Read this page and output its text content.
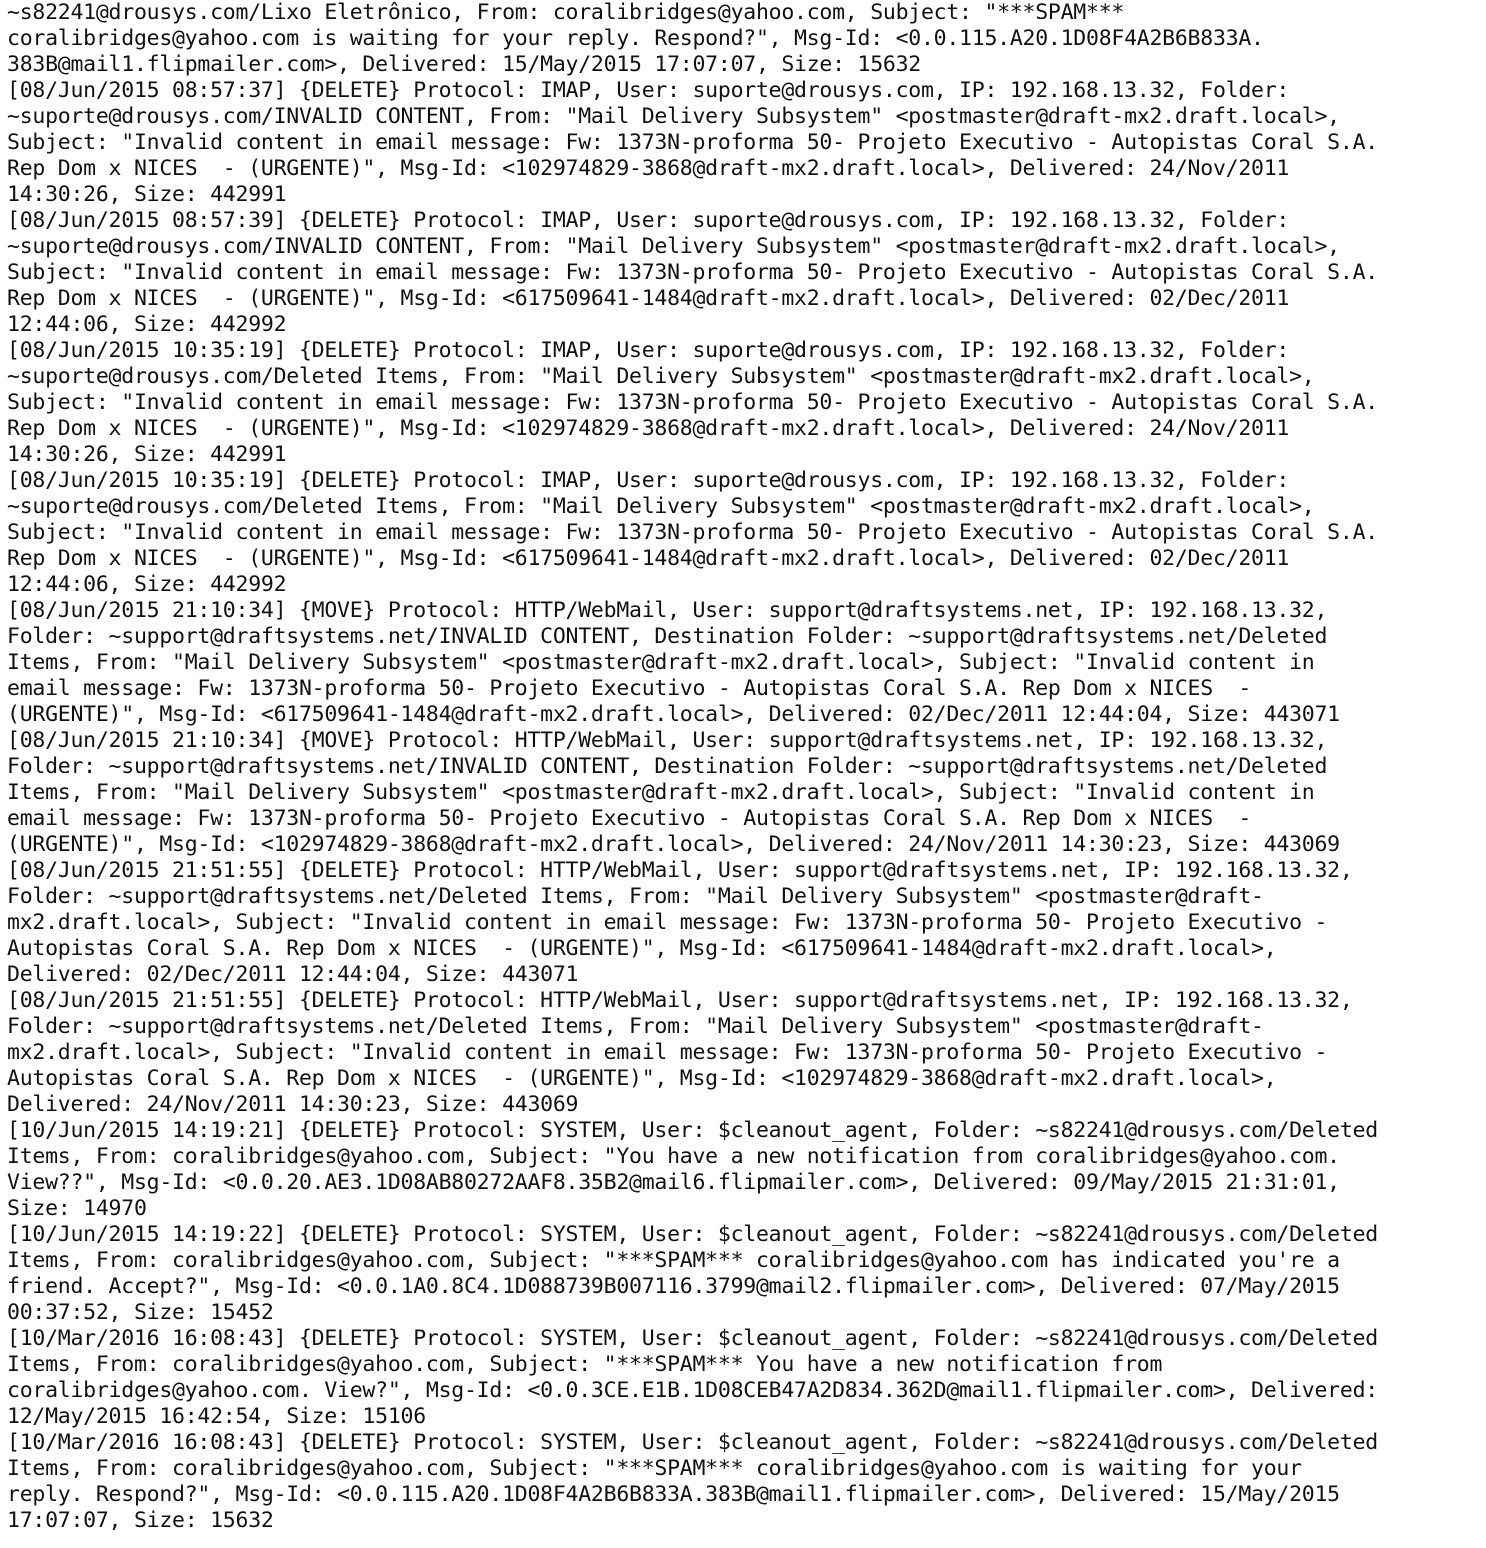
~s82241@drousys.com/Lixo Eletrônico, From: coralibridges@yahoo.com, Subject: "***SPAM***
coralibridges@yahoo.com is waiting for your reply. Respond?", Msg-Id: <0.0.115.A20.1D08F4A2B6B833A.
383B@mail1.flipmailer.com>, Delivered: 15/May/2015 17:07:07, Size: 15632
[08/Jun/2015 08:57:37] {DELETE} Protocol: IMAP, User: suporte@drousys.com, IP: 192.168.13.32, Folder:
~suporte@drousys.com/INVALID CONTENT, From: "Mail Delivery Subsystem" <postmaster@draft-mx2.draft.local>,
Subject: "Invalid content in email message: Fw: 1373N-proforma 50- Projeto Executivo - Autopistas Coral S.A.
Rep Dom x NICES  - (URGENTE)", Msg-Id: <102974829-3868@draft-mx2.draft.local>, Delivered: 24/Nov/2011
14:30:26, Size: 442991
[08/Jun/2015 08:57:39] {DELETE} Protocol: IMAP, User: suporte@drousys.com, IP: 192.168.13.32, Folder:
~suporte@drousys.com/INVALID CONTENT, From: "Mail Delivery Subsystem" <postmaster@draft-mx2.draft.local>,
Subject: "Invalid content in email message: Fw: 1373N-proforma 50- Projeto Executivo - Autopistas Coral S.A.
Rep Dom x NICES  - (URGENTE)", Msg-Id: <617509641-1484@draft-mx2.draft.local>, Delivered: 02/Dec/2011
12:44:06, Size: 442992
[08/Jun/2015 10:35:19] {DELETE} Protocol: IMAP, User: suporte@drousys.com, IP: 192.168.13.32, Folder:
~suporte@drousys.com/Deleted Items, From: "Mail Delivery Subsystem" <postmaster@draft-mx2.draft.local>,
Subject: "Invalid content in email message: Fw: 1373N-proforma 50- Projeto Executivo - Autopistas Coral S.A.
Rep Dom x NICES  - (URGENTE)", Msg-Id: <102974829-3868@draft-mx2.draft.local>, Delivered: 24/Nov/2011
14:30:26, Size: 442991
[08/Jun/2015 10:35:19] {DELETE} Protocol: IMAP, User: suporte@drousys.com, IP: 192.168.13.32, Folder:
~suporte@drousys.com/Deleted Items, From: "Mail Delivery Subsystem" <postmaster@draft-mx2.draft.local>,
Subject: "Invalid content in email message: Fw: 1373N-proforma 50- Projeto Executivo - Autopistas Coral S.A.
Rep Dom x NICES  - (URGENTE)", Msg-Id: <617509641-1484@draft-mx2.draft.local>, Delivered: 02/Dec/2011
12:44:06, Size: 442992
[08/Jun/2015 21:10:34] {MOVE} Protocol: HTTP/WebMail, User: support@draftsystems.net, IP: 192.168.13.32,
Folder: ~support@draftsystems.net/INVALID CONTENT, Destination Folder: ~support@draftsystems.net/Deleted
Items, From: "Mail Delivery Subsystem" <postmaster@draft-mx2.draft.local>, Subject: "Invalid content in
email message: Fw: 1373N-proforma 50- Projeto Executivo - Autopistas Coral S.A. Rep Dom x NICES  -
(URGENTE)", Msg-Id: <617509641-1484@draft-mx2.draft.local>, Delivered: 02/Dec/2011 12:44:04, Size: 443071
[08/Jun/2015 21:10:34] {MOVE} Protocol: HTTP/WebMail, User: support@draftsystems.net, IP: 192.168.13.32,
Folder: ~support@draftsystems.net/INVALID CONTENT, Destination Folder: ~support@draftsystems.net/Deleted
Items, From: "Mail Delivery Subsystem" <postmaster@draft-mx2.draft.local>, Subject: "Invalid content in
email message: Fw: 1373N-proforma 50- Projeto Executivo - Autopistas Coral S.A. Rep Dom x NICES  -
(URGENTE)", Msg-Id: <102974829-3868@draft-mx2.draft.local>, Delivered: 24/Nov/2011 14:30:23, Size: 443069
[08/Jun/2015 21:51:55] {DELETE} Protocol: HTTP/WebMail, User: support@draftsystems.net, IP: 192.168.13.32,
Folder: ~support@draftsystems.net/Deleted Items, From: "Mail Delivery Subsystem" <postmaster@draft-
mx2.draft.local>, Subject: "Invalid content in email message: Fw: 1373N-proforma 50- Projeto Executivo -
Autopistas Coral S.A. Rep Dom x NICES  - (URGENTE)", Msg-Id: <617509641-1484@draft-mx2.draft.local>,
Delivered: 02/Dec/2011 12:44:04, Size: 443071
[08/Jun/2015 21:51:55] {DELETE} Protocol: HTTP/WebMail, User: support@draftsystems.net, IP: 192.168.13.32,
Folder: ~support@draftsystems.net/Deleted Items, From: "Mail Delivery Subsystem" <postmaster@draft-
mx2.draft.local>, Subject: "Invalid content in email message: Fw: 1373N-proforma 50- Projeto Executivo -
Autopistas Coral S.A. Rep Dom x NICES  - (URGENTE)", Msg-Id: <102974829-3868@draft-mx2.draft.local>,
Delivered: 24/Nov/2011 14:30:23, Size: 443069
[10/Jun/2015 14:19:21] {DELETE} Protocol: SYSTEM, User: $cleanout_agent, Folder: ~s82241@drousys.com/Deleted
Items, From: coralibridges@yahoo.com, Subject: "You have a new notification from coralibridges@yahoo.com.
View??", Msg-Id: <0.0.20.AE3.1D08AB80272AAF8.35B2@mail6.flipmailer.com>, Delivered: 09/May/2015 21:31:01,
Size: 14970
[10/Jun/2015 14:19:22] {DELETE} Protocol: SYSTEM, User: $cleanout_agent, Folder: ~s82241@drousys.com/Deleted
Items, From: coralibridges@yahoo.com, Subject: "***SPAM*** coralibridges@yahoo.com has indicated you're a
friend. Accept?", Msg-Id: <0.0.1A0.8C4.1D088739B007116.3799@mail2.flipmailer.com>, Delivered: 07/May/2015
00:37:52, Size: 15452
[10/Mar/2016 16:08:43] {DELETE} Protocol: SYSTEM, User: $cleanout_agent, Folder: ~s82241@drousys.com/Deleted
Items, From: coralibridges@yahoo.com, Subject: "***SPAM*** You have a new notification from
coralibridges@yahoo.com. View?", Msg-Id: <0.0.3CE.E1B.1D08CEB47A2D834.362D@mail1.flipmailer.com>, Delivered:
12/May/2015 16:42:54, Size: 15106
[10/Mar/2016 16:08:43] {DELETE} Protocol: SYSTEM, User: $cleanout_agent, Folder: ~s82241@drousys.com/Deleted
Items, From: coralibridges@yahoo.com, Subject: "***SPAM*** coralibridges@yahoo.com is waiting for your
reply. Respond?", Msg-Id: <0.0.115.A20.1D08F4A2B6B833A.383B@mail1.flipmailer.com>, Delivered: 15/May/2015
17:07:07, Size: 15632
